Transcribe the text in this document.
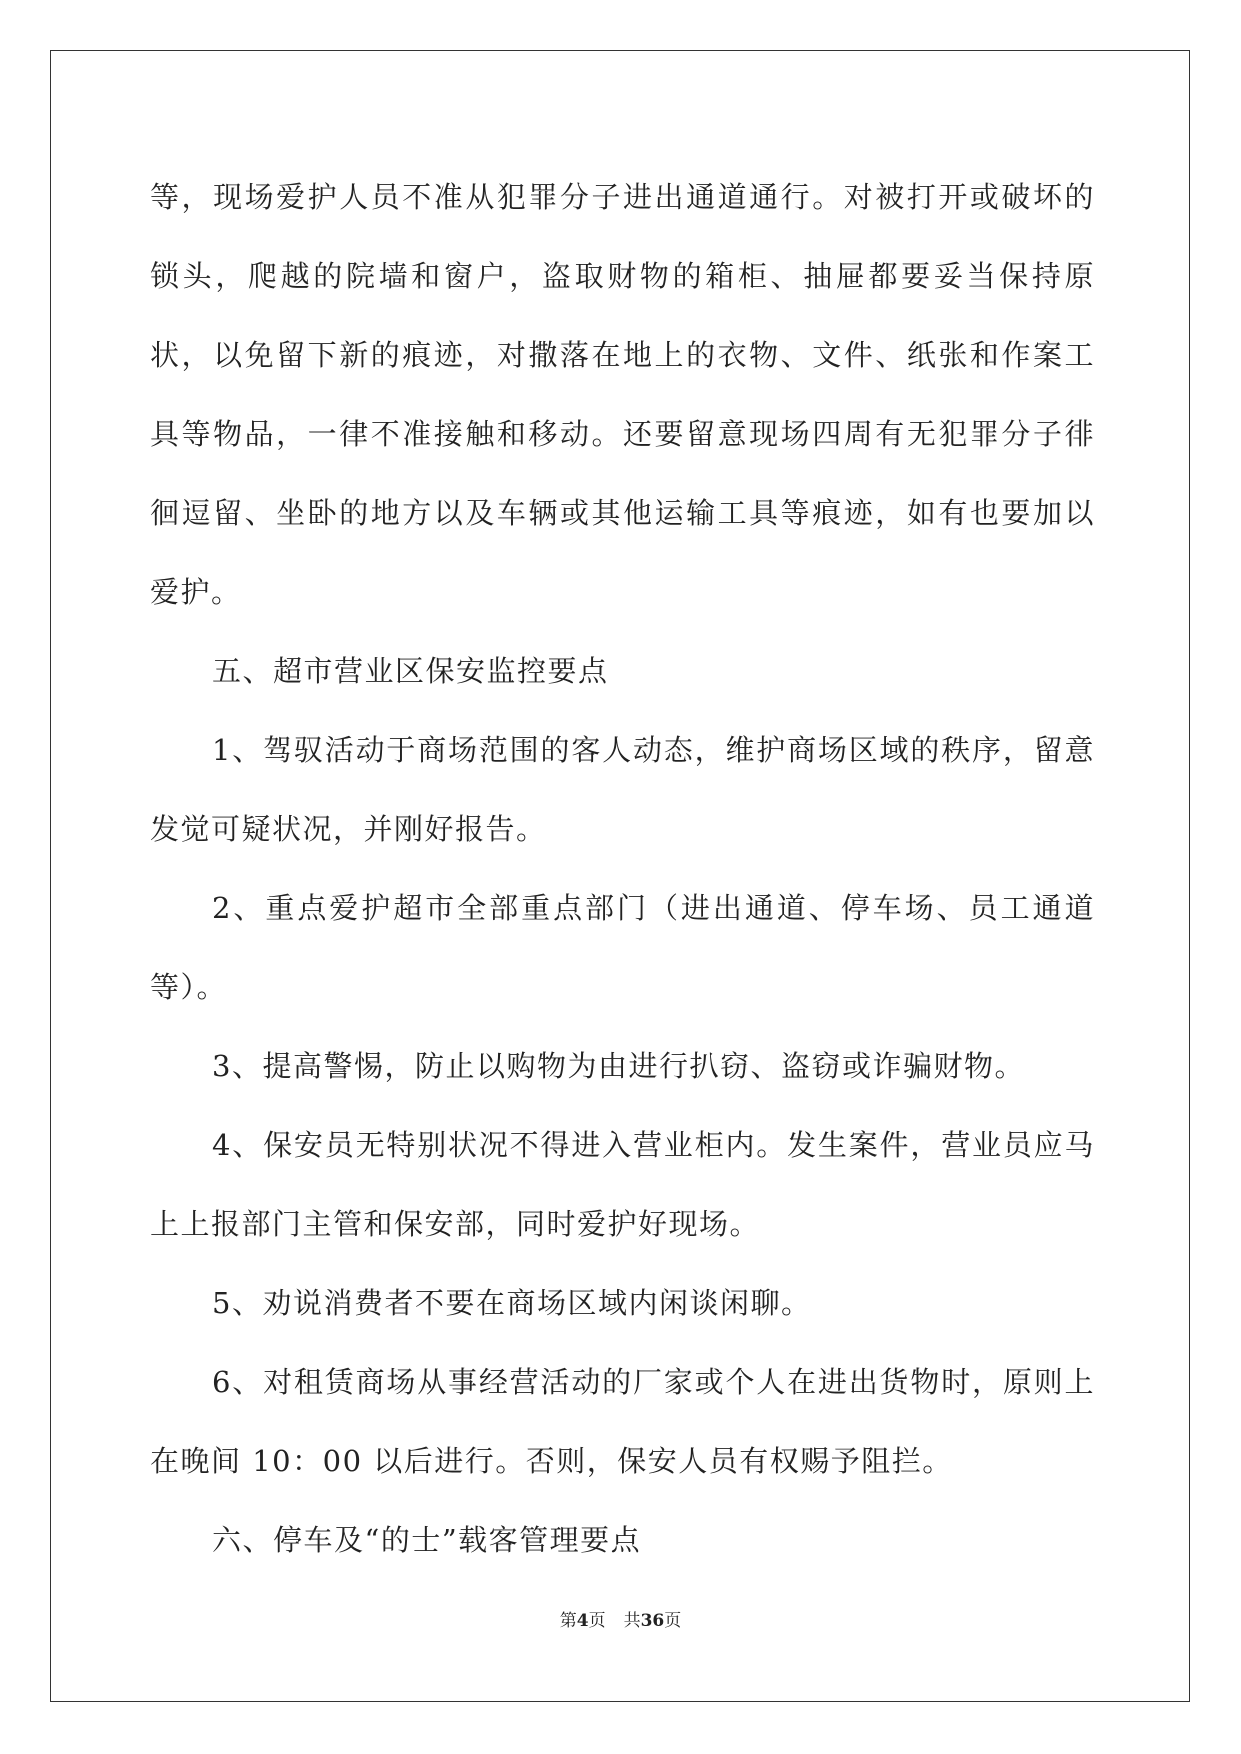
等，现场爱护人员不准从犯罪分子进出通道通行。对被打开或破坏的锁头，爬越的院墙和窗户，盗取财物的箱柜、抽屉都要妥当保持原状，以免留下新的痕迹，对撒落在地上的衣物、文件、纸张和作案工具等物品，一律不准接触和移动。还要留意现场四周有无犯罪分子徘徊逗留、坐卧的地方以及车辆或其他运输工具等痕迹，如有也要加以爱护。

五、超市营业区保安监控要点

1、驾驭活动于商场范围的客人动态，维护商场区域的秩序，留意发觉可疑状况，并刚好报告。

2、重点爱护超市全部重点部门（进出通道、停车场、员工通道等）。

3、提高警惕，防止以购物为由进行扒窃、盗窃或诈骗财物。

4、保安员无特别状况不得进入营业柜内。发生案件，营业员应马上上报部门主管和保安部，同时爱护好现场。

5、劝说消费者不要在商场区域内闲谈闲聊。

6、对租赁商场从事经营活动的厂家或个人在进出货物时，原则上在晚间 10：00 以后进行。否则，保安人员有权赐予阻拦。

六、停车及“的士”载客管理要点

第4页 共36页
